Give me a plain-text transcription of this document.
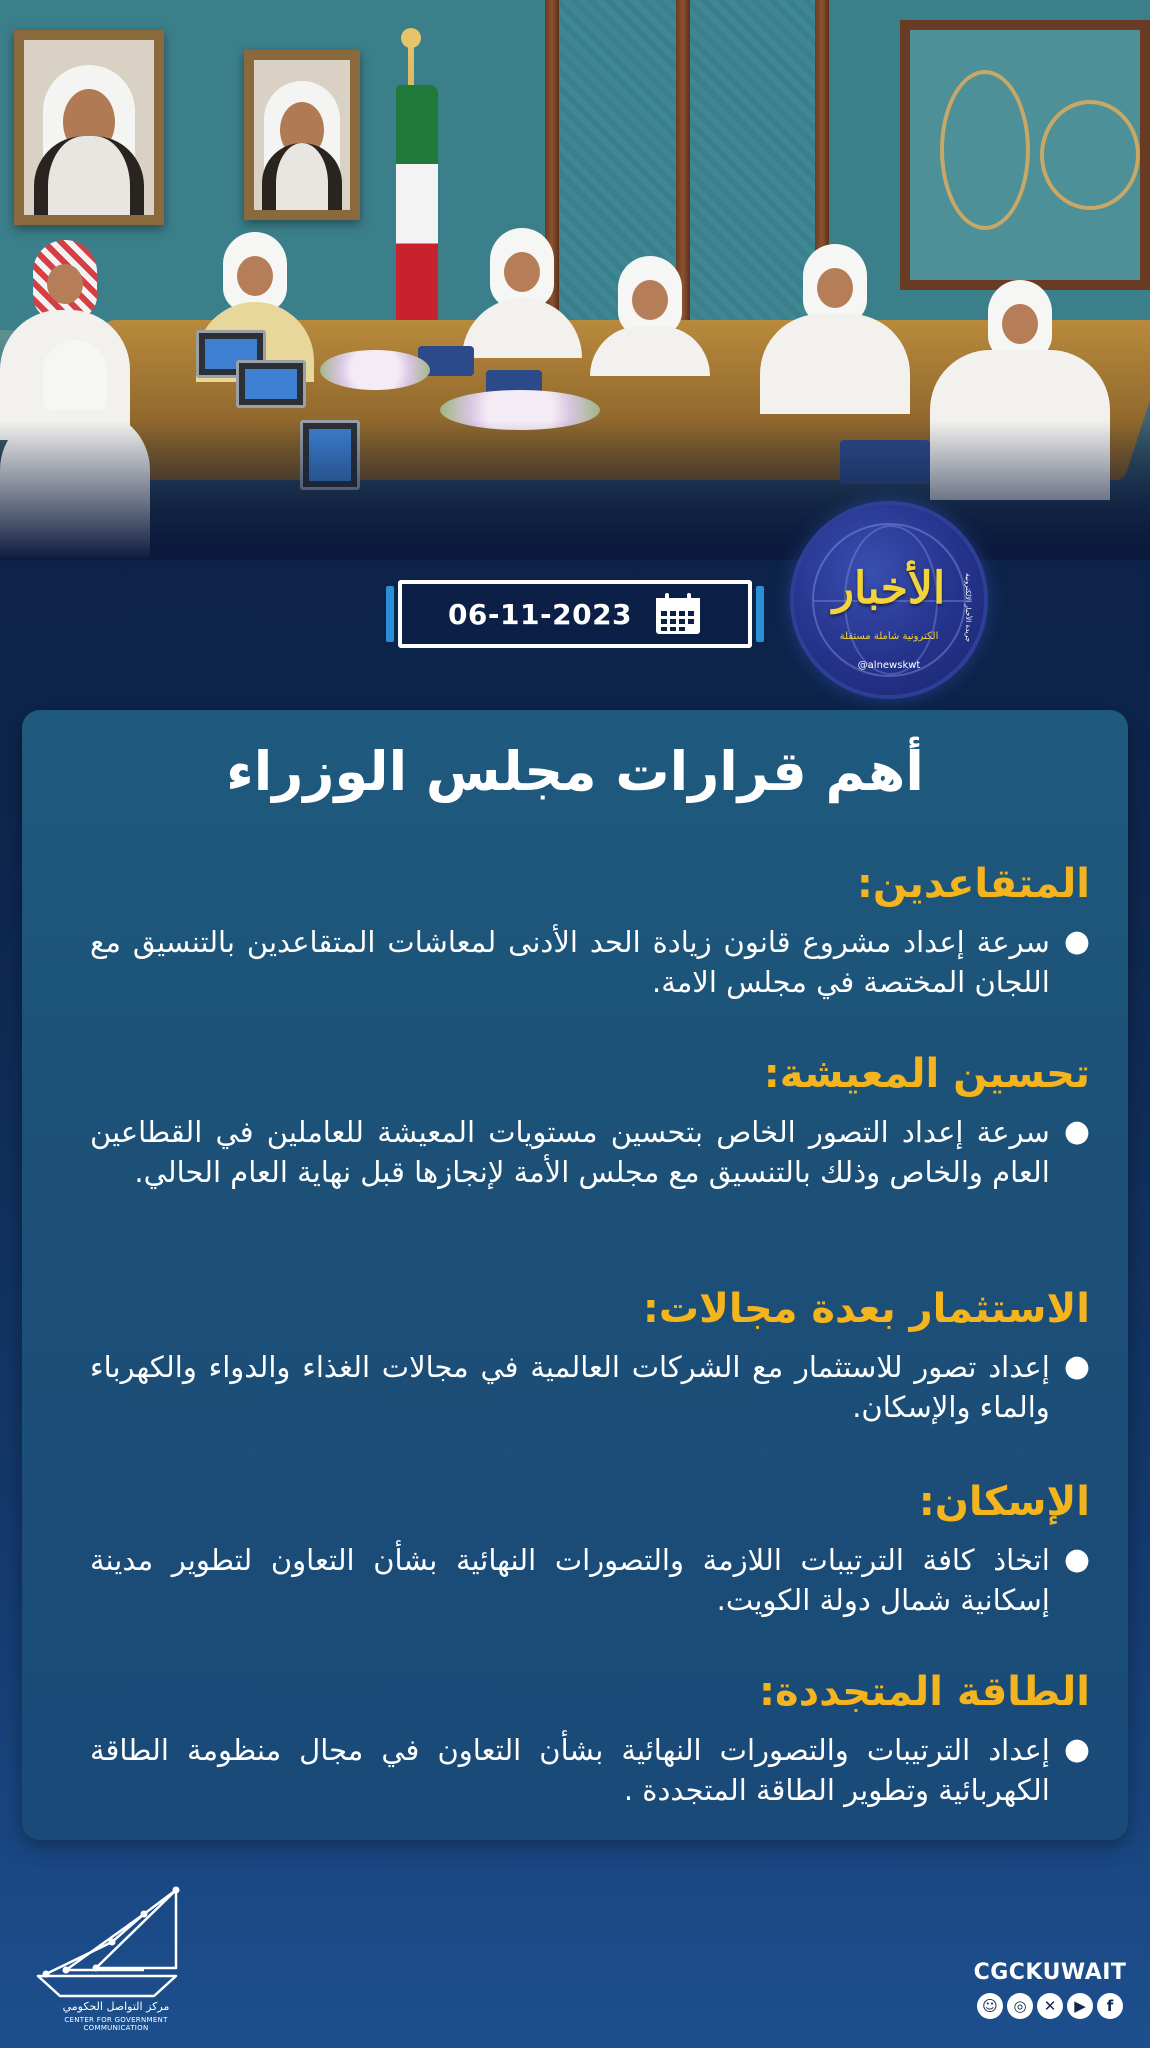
06-11-2023	الأخبار	جريدة الأخبار الالكترونية
الكترونية شاملة مستقلة
@alnewskwt
أهم قرارات مجلس الوزراء
المتقاعدين:
●

سرعة إعداد مشروع قانون زيادة الحد الأدنى لمعاشات المتقاعدين بالتنسيق مع اللجان المختصة في مجلس الامة.

تحسين المعيشة:
●

سرعة إعداد التصور الخاص بتحسين مستويات المعيشة للعاملين في القطاعين العام والخاص وذلك بالتنسيق مع مجلس الأمة لإنجازها قبل نهاية العام الحالي.

الاستثمار بعدة مجالات:
●

إعداد تصور للاستثمار مع الشركات العالمية في مجالات الغذاء والدواء والكهرباء والماء والإسكان.

الإسكان:
●

اتخاذ كافة الترتيبات اللازمة والتصورات النهائية بشأن التعاون لتطوير مدينة إسكانية شمال دولة الكويت.

الطاقة المتجددة:
●

إعداد الترتيبات والتصورات النهائية بشأن التعاون في مجال منظومة الطاقة الكهربائية وتطوير الطاقة المتجددة .

مركز التواصل الحكومي
CENTER FOR GOVERNMENT COMMUNICATION
CGCKUWAIT
☺	◎	✕	▶	f
